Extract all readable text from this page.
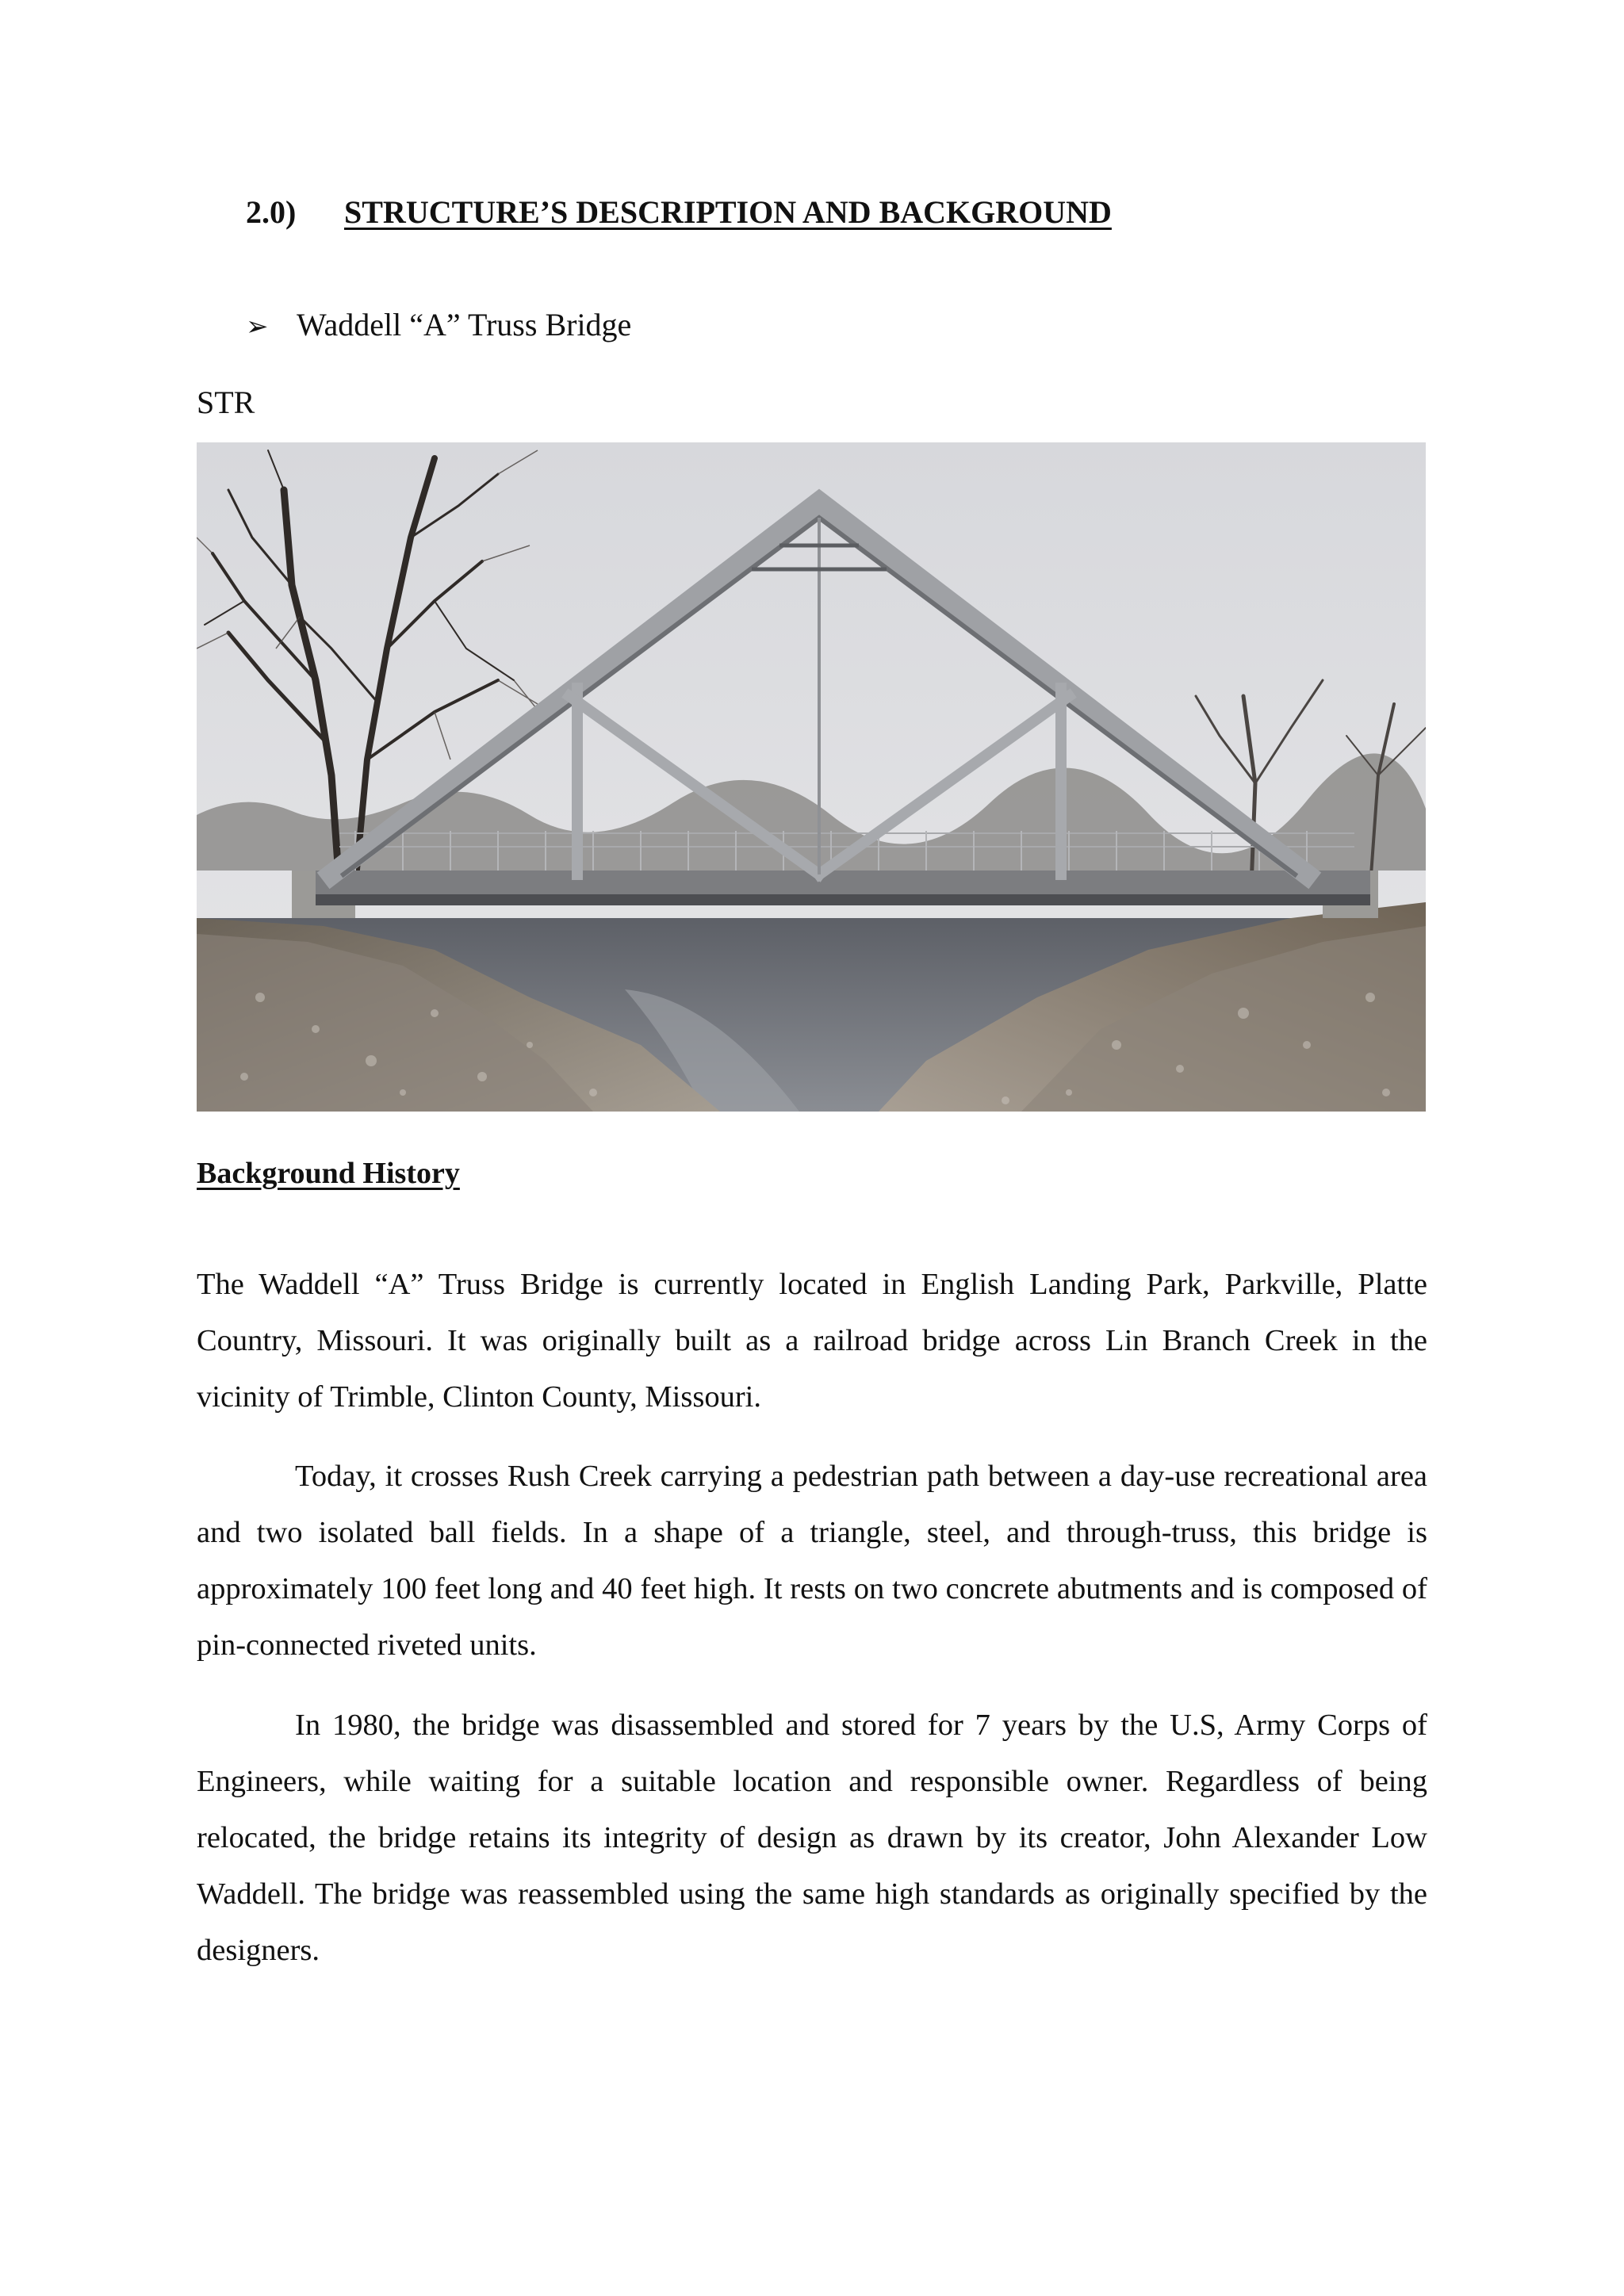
2.0) STRUCTURE’S DESCRIPTION AND BACKGROUND
➢ Waddell “A” Truss Bridge
STR
Background History

The Waddell “A” Truss Bridge is currently located in English Landing Park, Parkville, Platte Country, Missouri. It was originally built as a railroad bridge across Lin Branch Creek in the vicinity of Trimble, Clinton County, Missouri.

Today, it crosses Rush Creek carrying a pedestrian path between a day-use recreational area and two isolated ball fields. In a shape of a triangle, steel, and through-truss, this bridge is approximately 100 feet long and 40 feet high. It rests on two concrete abutments and is composed of pin-connected riveted units.

In 1980, the bridge was disassembled and stored for 7 years by the U.S, Army Corps of Engineers, while waiting for a suitable location and responsible owner. Regardless of being relocated, the bridge retains its integrity of design as drawn by its creator, John Alexander Low Waddell. The bridge was reassembled using the same high standards as originally specified by the designers.
